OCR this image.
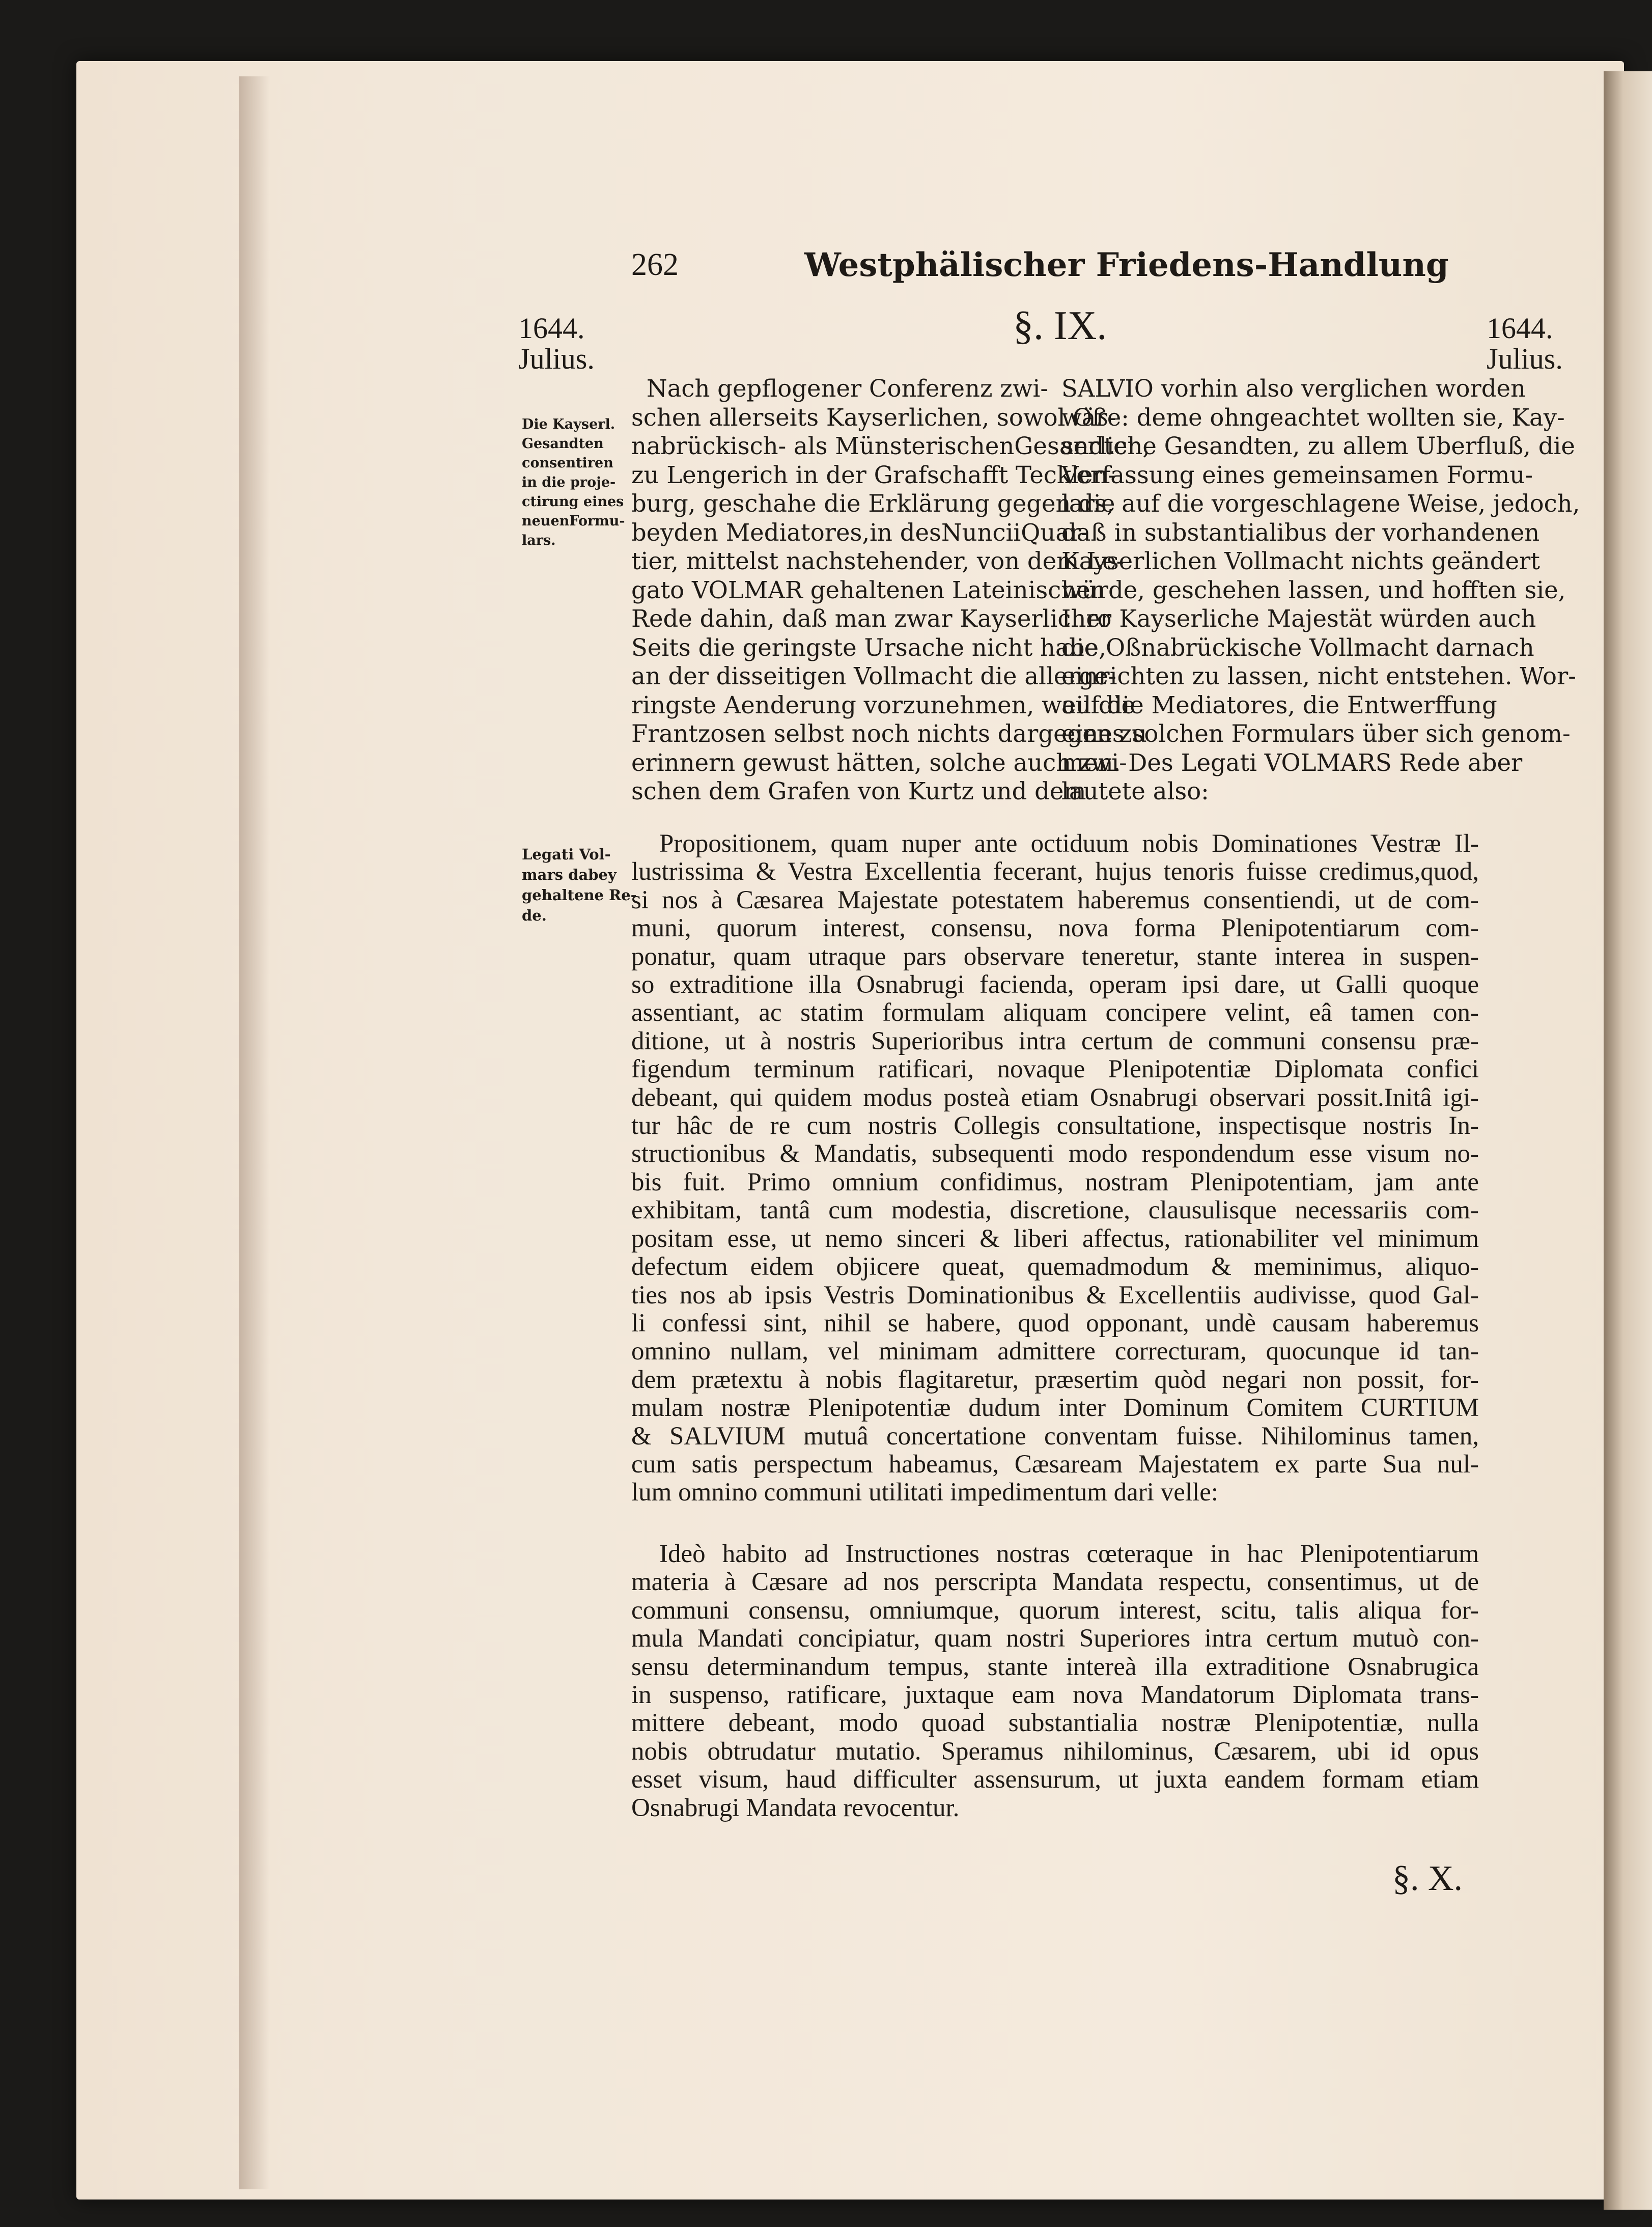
262	Westphälischer Friedens-Handlung
1644.
Julius.
1644.
Julius.
§. IX.
Die Kayserl.
Gesandten
consentiren
in die proje-
ctirung eines
neuenFormu-
lars.
Legati Vol-
mars dabey
gehaltene Re-
de.
Nach gepflogener Conferenz zwi-
schen allerseits Kayserlichen, sowol Oß-
nabrückisch- als MünsterischenGesandten,
zu Lengerich in der Grafschafft Tecklen-
burg, geschahe die Erklärung gegen die
beyden Mediatores,in desNunciiQuar-
tier, mittelst nachstehender, von dem Le-
gato VOLMAR gehaltenen Lateinischen
Rede dahin, daß man zwar Kayserlicher
Seits die geringste Ursache nicht habe,
an der disseitigen Vollmacht die allerge-
ringste Aenderung vorzunehmen, weil die
Frantzosen selbst noch nichts dargegen zu
erinnern gewust hätten, solche auch zwi-
schen dem Grafen von Kurtz und dem
SALVIO vorhin also verglichen worden
wäre: deme ohngeachtet wollten sie, Kay-
serliche Gesandten, zu allem Uberfluß, die
Verfassung eines gemeinsamen Formu-
lars, auf die vorgeschlagene Weise, jedoch,
daß in substantialibus der vorhandenen
Kayserlichen Vollmacht nichts geändert
würde, geschehen lassen, und hofften sie,
Ihro Kayserliche Majestät würden auch
die Oßnabrückische Vollmacht darnach
einrichten zu lassen, nicht entstehen. Wor-
auf die Mediatores, die Entwerffung
eines solchen Formulars über sich genom-
men. Des Legati VOLMARS Rede aber
lautete also:
Propositionem, quam nuper ante octiduum nobis Dominationes Vestræ Il-
lustrissima & Vestra Excellentia fecerant, hujus tenoris fuisse credimus,quod,
si nos à Cæsarea Majestate potestatem haberemus consentiendi, ut de com-
muni, quorum interest, consensu, nova forma Plenipotentiarum com-
ponatur, quam utraque pars observare teneretur, stante interea in suspen-
so extraditione illa Osnabrugi facienda, operam ipsi dare, ut Galli quoque
assentiant, ac statim formulam aliquam concipere velint, eâ tamen con-
ditione, ut à nostris Superioribus intra certum de communi consensu præ-
figendum terminum ratificari, novaque Plenipotentiæ Diplomata confici
debeant, qui quidem modus posteà etiam Osnabrugi observari possit.Initâ igi-
tur hâc de re cum nostris Collegis consultatione, inspectisque nostris In-
structionibus & Mandatis, subsequenti modo respondendum esse visum no-
bis fuit. Primo omnium confidimus, nostram Plenipotentiam, jam ante
exhibitam, tantâ cum modestia, discretione, clausulisque necessariis com-
positam esse, ut nemo sinceri & liberi affectus, rationabiliter vel minimum
defectum eidem objicere queat, quemadmodum & meminimus, aliquo-
ties nos ab ipsis Vestris Dominationibus & Excellentiis audivisse, quod Gal-
li confessi sint, nihil se habere, quod opponant, undè causam haberemus
omnino nullam, vel minimam admittere correcturam, quocunque id tan-
dem prætextu à nobis flagitaretur, præsertim quòd negari non possit, for-
mulam nostræ Plenipotentiæ dudum inter Dominum Comitem CURTIUM
& SALVIUM mutuâ concertatione conventam fuisse. Nihilominus tamen,
cum satis perspectum habeamus, Cæsaream Majestatem ex parte Sua nul-
lum omnino communi utilitati impedimentum dari velle:
Ideò habito ad Instructiones nostras cœteraque in hac Plenipotentiarum
materia à Cæsare ad nos perscripta Mandata respectu, consentimus, ut de
communi consensu, omniumque, quorum interest, scitu, talis aliqua for-
mula Mandati concipiatur, quam nostri Superiores intra certum mutuò con-
sensu determinandum tempus, stante intereà illa extraditione Osnabrugica
in suspenso, ratificare, juxtaque eam nova Mandatorum Diplomata trans-
mittere debeant, modo quoad substantialia nostræ Plenipotentiæ, nulla
nobis obtrudatur mutatio. Speramus nihilominus, Cæsarem, ubi id opus
esset visum, haud difficulter assensurum, ut juxta eandem formam etiam
Osnabrugi Mandata revocentur.
§. X.
